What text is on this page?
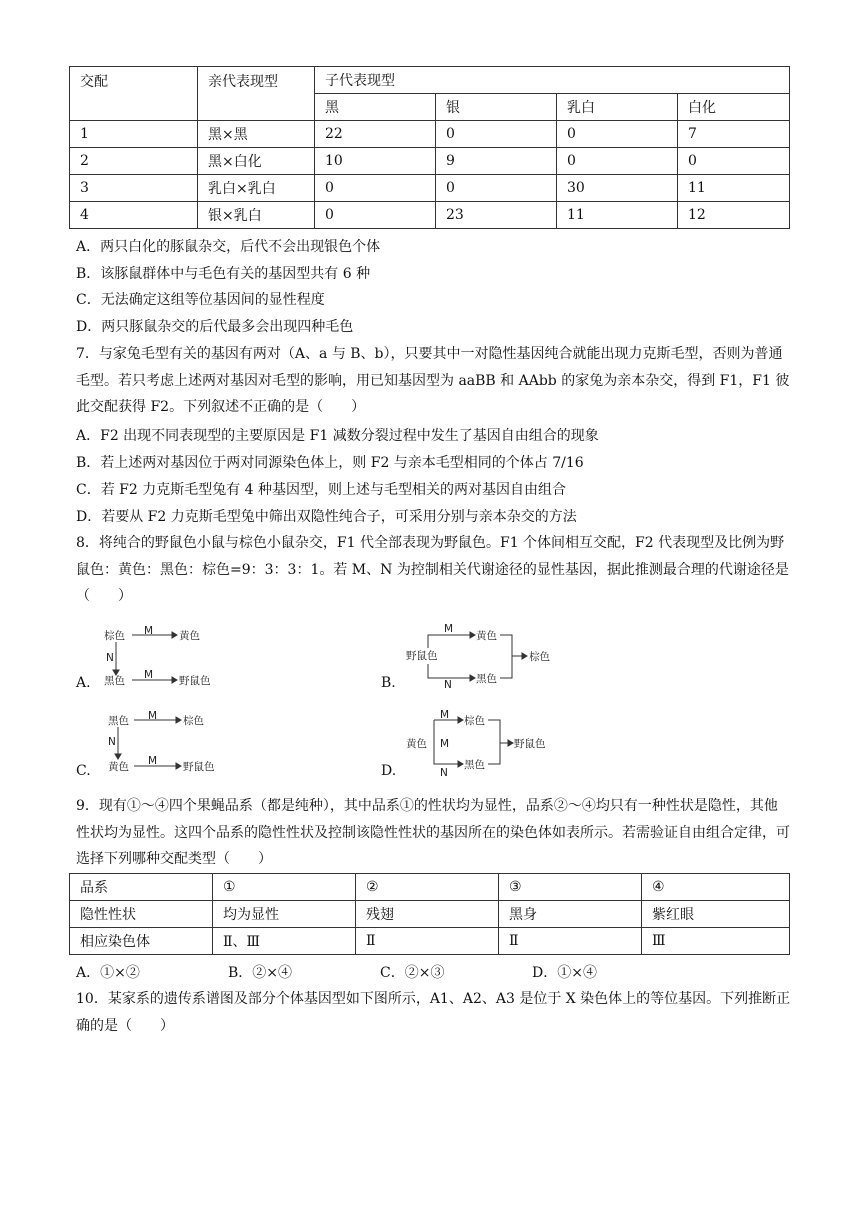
交配	亲代表现型	子代表现型			
		黑	银	乳白	白化
1	黑×黑	22	0	0	7
2	黑×白化	10	9	0	0
3	乳白×乳白	0	0	30	11
4	银×乳白	0	23	11	12
A．两只白化的豚鼠杂交，后代不会出现银色个体
B．该豚鼠群体中与毛色有关的基因型共有 6 种
C．无法确定这组等位基因间的显性程度
D．两只豚鼠杂交的后代最多会出现四种毛色
7．与家兔毛型有关的基因有两对（A、a 与 B、b），只要其中一对隐性基因纯合就能出现力克斯毛型，否则为普通毛型。若只考虑上述两对基因对毛型的影响，用已知基因型为 aaBB 和 AAbb 的家兔为亲本杂交，得到 F1，F1 彼此交配获得 F2。下列叙述不正确的是（　　）
A．F2 出现不同表现型的主要原因是 F1 减数分裂过程中发生了基因自由组合的现象
B．若上述两对基因位于两对同源染色体上，则 F2 与亲本毛型相同的个体占 7/16
C．若 F2 力克斯毛型兔有 4 种基因型，则上述与毛型相关的两对基因自由组合
D．若要从 F2 力克斯毛型兔中筛出双隐性纯合子，可采用分别与亲本杂交的方法
8．将纯合的野鼠色小鼠与棕色小鼠杂交，F1 代全部表现为野鼠色。F1 个体间相互交配，F2 代表现型及比例为野鼠色：黄色：黑色：棕色=9：3：3：1。若 M、N 为控制相关代谢途径的显性基因，据此推测最合理的代谢途径是（　　）
A.	B.
C.	D.
棕色 M 黄色
N
黑色 M 野鼠色
野鼠色
M
黄色
N 黑色
棕色
黑色 M 棕色
N
黄色 M 野鼠色
黄色
M
M
棕色
N
黑色
野鼠色
9．现有①～④四个果蝇品系（都是纯种），其中品系①的性状均为显性，品系②～④均只有一种性状是隐性，其他性状均为显性。这四个品系的隐性性状及控制该隐性性状的基因所在的染色体如表所示。若需验证自由组合定律，可选择下列哪种交配类型（　　）
品系	①	②	③	④
隐性性状	均为显性	残翅	黑身	紫红眼
相应染色体	Ⅱ、Ⅲ	Ⅱ	Ⅱ	Ⅲ
A．①×②	B．②×④	C．②×③	D．①×④
10．某家系的遗传系谱图及部分个体基因型如下图所示，A1、A2、A3 是位于 X 染色体上的等位基因。下列推断正确的是（　　）
